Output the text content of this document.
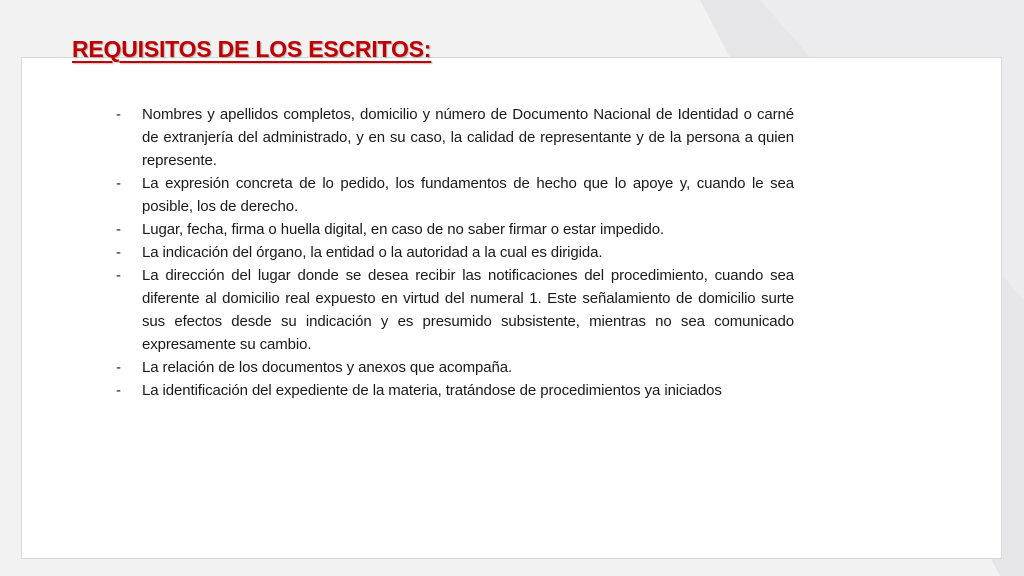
REQUISITOS DE LOS ESCRITOS:
-	Nombres y apellidos completos, domicilio y número de Documento Nacional de Identidad o carné de extranjería del administrado, y en su caso, la calidad de representante y de la persona a quien represente.
-	La expresión concreta de lo pedido, los fundamentos de hecho que lo apoye y, cuando le sea posible, los de derecho.
-	Lugar, fecha, firma o huella digital, en caso de no saber firmar o estar impedido.
-	La indicación del órgano, la entidad o la autoridad a la cual es dirigida.
-	La dirección del lugar donde se desea recibir las notificaciones del procedimiento, cuando sea diferente al domicilio real expuesto en virtud del numeral 1. Este señalamiento de domicilio surte sus efectos desde su indicación y es presumido subsistente, mientras no sea comunicado expresamente su cambio.
-	La relación de los documentos y anexos que acompaña.
-	La identificación del expediente de la materia, tratándose de procedimientos ya iniciados
